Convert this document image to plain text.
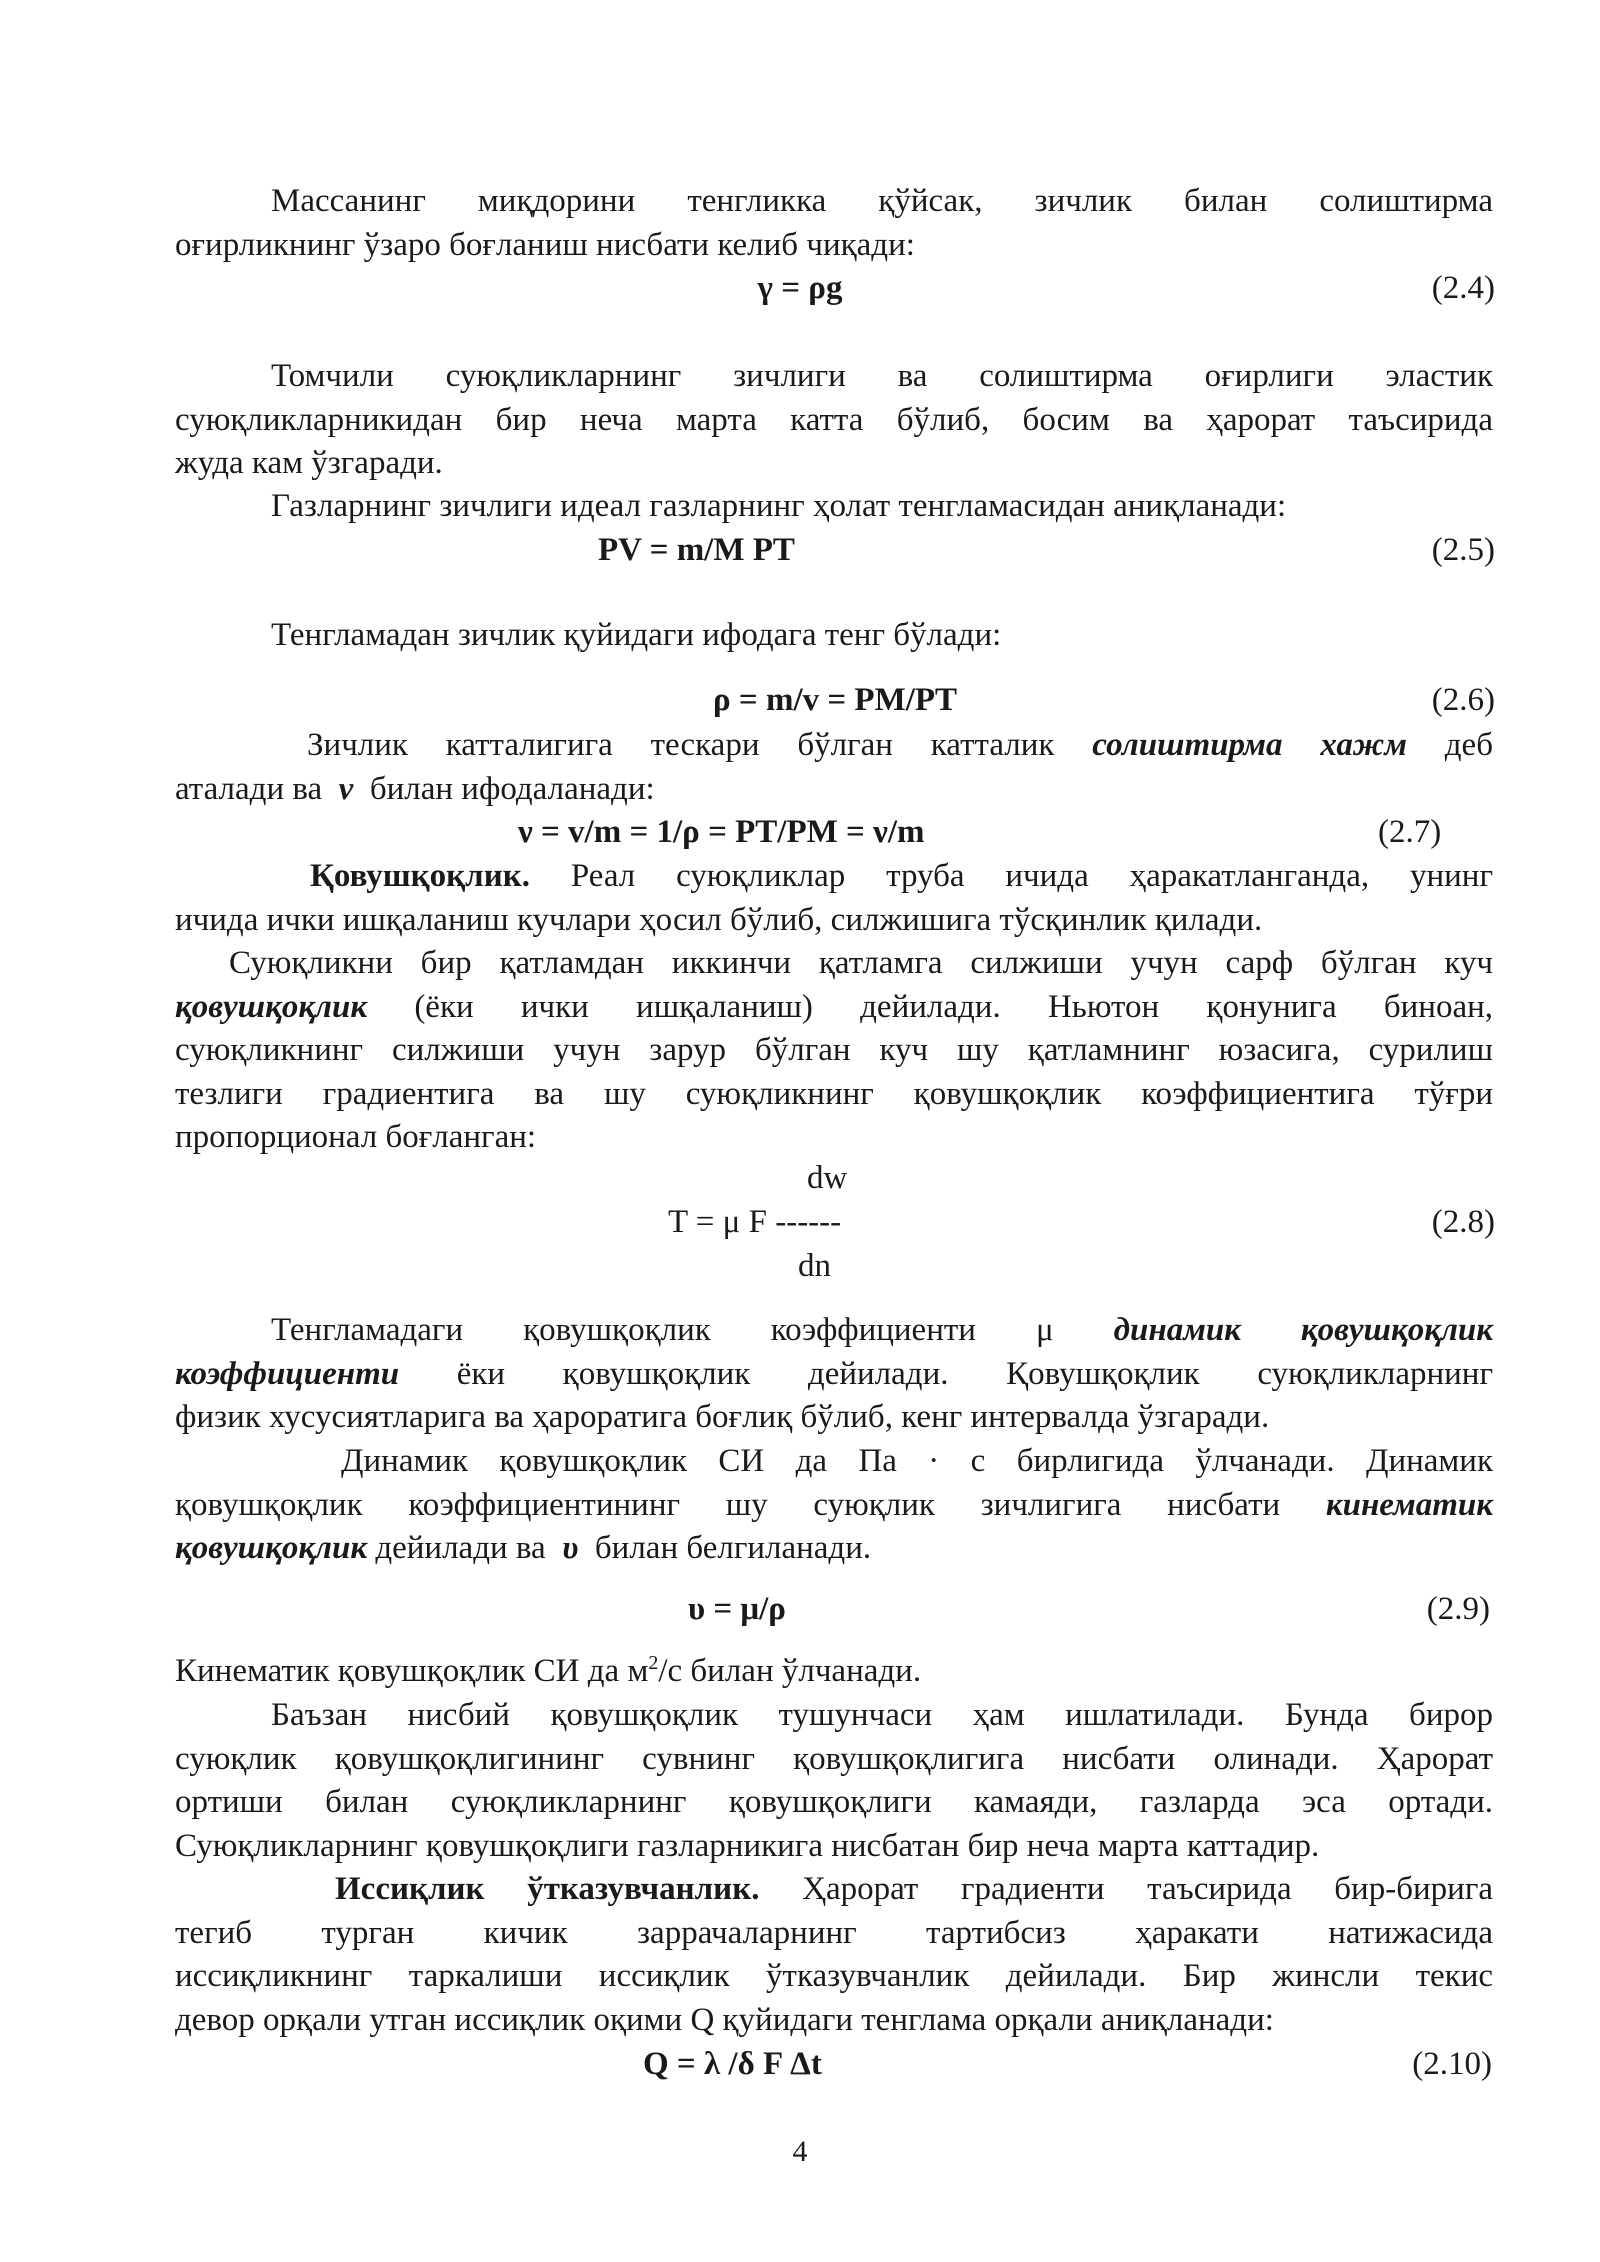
Массанинг миқдорини тенгликка қўйсак, зичлик билан солиштирма
оғирликнинг ўзаро боғланиш нисбати келиб чиқади:
γ = ρg	(2.4)
Томчили суюқликларнинг зичлиги ва солиштирма оғирлиги эластик
суюқликларникидан бир неча марта катта бўлиб, босим ва ҳарорат таъсирида
жуда кам ўзгаради.
Газларнинг зичлиги идеал газларнинг ҳолат тенгламасидан аниқланади:
PV = m/M PT	(2.5)
Тенгламадан зичлик қуйидаги ифодага тенг бўлади:
ρ = m/v = PM/PT	(2.6)
Зичлик катталигига тескари бўлган катталик солиштирма хажм деб
аталади ва ν билан ифодаланади:
ν = v/m = 1/ρ = PT/PM = ν/m	(2.7)
Қовушқоқлик. Реал суюқликлар труба ичида ҳаракатланганда, унинг
ичида ички ишқаланиш кучлари ҳосил бўлиб, силжишига тўсқинлик қилади.
Суюқликни бир қатламдан иккинчи қатламга силжиши учун сарф бўлган куч
қовушқоқлик (ёки ички ишқаланиш) дейилади. Ньютон қонунига биноан,
суюқликнинг силжиши учун зарур бўлган куч шу қатламнинг юзасига, сурилиш
тезлиги градиентига ва шу суюқликнинг қовушқоқлик коэффициентига тўғри
пропорционал боғланган:
dw
T = μ F ------
dn
(2.8)
Тенгламадаги қовушқоқлик коэффициенти μ динамик қовушқоқлик
коэффициенти ёки қовушқоқлик дейилади. Қовушқоқлик суюқликларнинг
физик хусусиятларига ва ҳароратига боғлиқ бўлиб, кенг интервалда ўзгаради.
Динамик қовушқоқлик СИ да Па · с бирлигида ўлчанади. Динамик
қовушқоқлик коэффициентининг шу суюқлик зичлигига нисбати кинематик
қовушқоқлик дейилади ва υ билан белгиланади.
υ = μ/ρ	(2.9)
Кинематик қовушқоқлик СИ да $м^2/с$ билан ўлчанади.
Баъзан нисбий қовушқоқлик тушунчаси ҳам ишлатилади. Бунда бирор
суюқлик қовушқоқлигининг сувнинг қовушқоқлигига нисбати олинади. Ҳарорат
ортиши билан суюқликларнинг қовушқоқлиги камаяди, газларда эса ортади.
Суюқликларнинг қовушқоқлиги газларникига нисбатан бир неча марта каттадир.
Иссиқлик ўтказувчанлик. Ҳарорат градиенти таъсирида бир-бирига
тегиб турган кичик заррачаларнинг тартибсиз ҳаракати натижасида
иссиқликнинг таркалиши иссиқлик ўтказувчанлик дейилади. Бир жинсли текис
девор орқали утган иссиқлик оқими Q қуйидаги тенглама орқали аниқланади:
Q = λ /δ F Δt	(2.10)
4
